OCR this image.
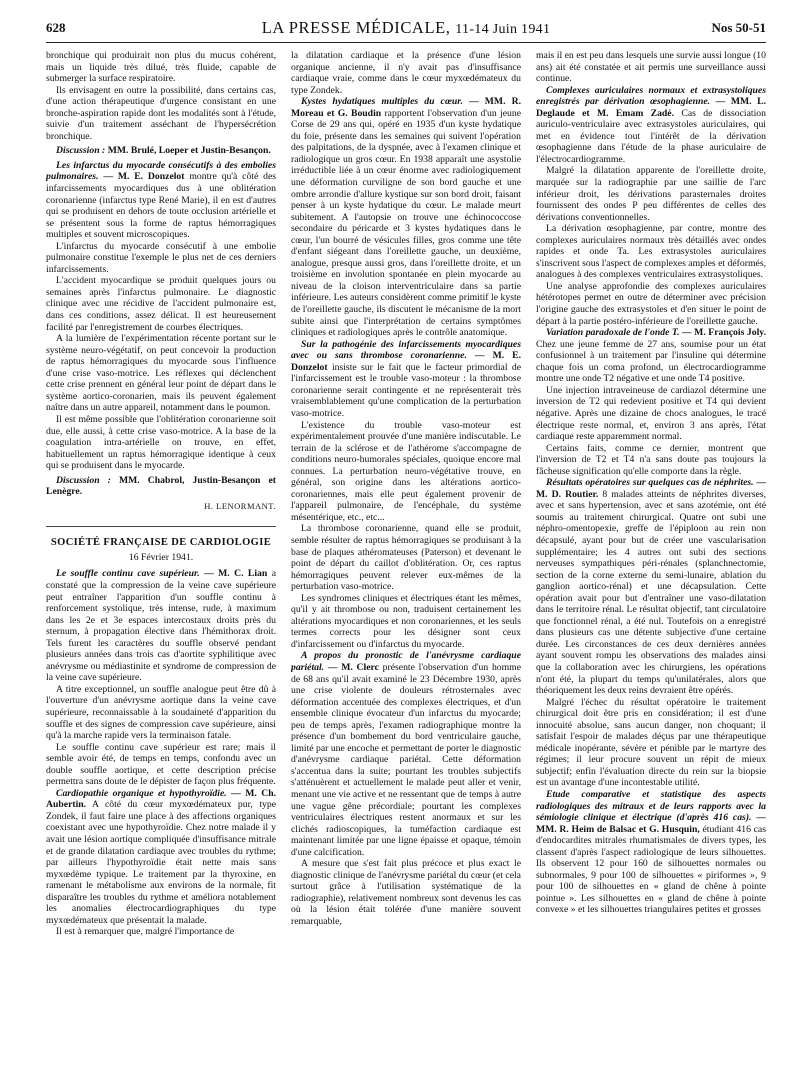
628	LA PRESSE MÉDICALE, 11-14 Juin 1941	Nos 50-51

bronchique qui produirait non plus du mucus cohérent, mais un liquide très dilué, très fluide, capable de submerger la surface respiratoire.

Ils envisagent en outre la possibilité, dans certains cas, d'une action thérapeutique d'urgence consistant en une bronche-aspiration rapide dont les modalités sont à l'étude, suivie d'un traitement asséchant de l'hypersécrétion bronchique.

Discussion : MM. Brulé, Loeper et Justin-Besançon.

Les infarctus du myocarde consécutifs à des embolies pulmonaires. — M. E. Donzelot montre qu'à côté des infarcissements myocardiques dus à une oblitération coronarienne (infarctus type René Marie), il en est d'autres qui se produisent en dehors de toute occlusion artérielle et se présentent sous la forme de raptus hémorragiques multiples et souvent microscopiques.

L'infarctus du myocarde consécutif à une embolie pulmonaire constitue l'exemple le plus net de ces derniers infarcissements.

L'accident myocardique se produit quelques jours ou semaines après l'infarctus pulmonaire. Le diagnostic clinique avec une récidive de l'accident pulmonaire est, dans ces conditions, assez délicat. Il est heureusement facilité par l'enregistrement de courbes électriques.

A la lumière de l'expérimentation récente portant sur le système neuro-végétatif, on peut concevoir la production de raptus hémorragiques du myocarde sous l'influence d'une crise vaso-motrice. Les réflexes qui déclenchent cette crise prennent en général leur point de départ dans le système aortico-coronarien, mais ils peuvent également naître dans un autre appareil, notamment dans le poumon.

Il est même possible que l'oblitération coronarienne soit due, elle aussi, à cette crise vaso-motrice. A la base de la coagulation intra-artérielle on trouve, en effet, habituellement un raptus hémorragique identique à ceux qui se produisent dans le myocarde.

Discussion : MM. Chabrol, Justin-Besançon et Lenègre.

H. LENORMANT.
SOCIÉTÉ FRANÇAISE DE CARDIOLOGIE
16 Février 1941.

Le souffle continu cave supérieur. — M. C. Lian a constaté que la compression de la veine cave supérieure peut entraîner l'apparition d'un souffle continu à renforcement systolique, très intense, rude, à maximum dans les 2e et 3e espaces intercostaux droits près du sternum, à propagation élective dans l'hémithorax droit. Tels furent les caractères du souffle observé pendant plusieurs années dans trois cas d'aortite syphilitique avec anévrysme ou médiastinite et syndrome de compression de la veine cave supérieure.

A titre exceptionnel, un souffle analogue peut être dû à l'ouverture d'un anévrysme aortique dans la veine cave supérieure, reconnaissable à la soudaineté d'apparition du souffle et des signes de compression cave supérieure, ainsi qu'à la marche rapide vers la terminaison fatale.

Le souffle continu cave supérieur est rare; mais il semble avoir été, de temps en temps, confondu avec un double souffle aortique, et cette description précise permettra sans doute de le dépister de façon plus fréquente.

Cardiopathie organique et hypothyroïdie. — M. Ch. Aubertin. A côté du cœur myxœdémateux pur, type Zondek, il faut faire une place à des affections organiques coexistant avec une hypothyroïdie. Chez notre malade il y avait une lésion aortique compliquée d'insuffisance mitrale et de grande dilatation cardiaque avec troubles du rythme; par ailleurs l'hypothyroïdie était nette mais sans myxœdème typique. Le traitement par la thyroxine, en ramenant le métabolisme aux environs de la normale, fit disparaître les troubles du rythme et améliora notablement les anomalies électrocardiographiques du type myxœdémateux que présentait la malade.

Il est à remarquer que, malgré l'importance de

la dilatation cardiaque et la présence d'une lésion organique ancienne, il n'y avait pas d'insuffisance cardiaque vraie, comme dans le cœur myxœdémateux du type Zondek.

Kystes hydatiques multiples du cœur. — MM. R. Moreau et G. Boudin rapportent l'observation d'un jeune Corse de 29 ans qui, opéré en 1935 d'un kyste hydatique du foie, présente dans les semaines qui suivent l'opération des palpitations, de la dyspnée, avec à l'examen clinique et radiologique un gros cœur. En 1938 apparaît une asystolie irréductible liée à un cœur énorme avec radiologiquement une déformation curviligne de son bord gauche et une ombre arrondie d'allure kystique sur son bord droit, faisant penser à un kyste hydatique du cœur. Le malade meurt subitement. A l'autopsie on trouve une échinococcose secondaire du péricarde et 3 kystes hydatiques dans le cœur, l'un bourré de vésicules filles, gros comme une tête d'enfant siégeant dans l'oreillette gauche, un deuxième, analogue, presque aussi gros, dans l'oreillette droite, et un troisième en involution spontanée en plein myocarde au niveau de la cloison interventriculaire dans sa partie inférieure. Les auteurs considèrent comme primitif le kyste de l'oreillette gauche, ils discutent le mécanisme de la mort subite ainsi que l'interprétation de certains symptômes cliniques et radiologiques après le contrôle anatomique.

Sur la pathogénie des infarcissements myocardiques avec ou sans thrombose coronarienne. — M. E. Donzelot insiste sur le fait que le facteur primordial de l'infarcissement est le trouble vaso-moteur : la thrombose coronarienne serait contingente et ne représenterait très vraisemblablement qu'une complication de la perturbation vaso-motrice.

L'existence du trouble vaso-moteur est expérimentalement prouvée d'une manière indiscutable. Le terrain de la sclérose et de l'athérome s'accompagne de conditions neuro-humorales spéciales, quoique encore mal connues. La perturbation neuro-végétative trouve, en général, son origine dans les altérations aortico-coronariennes, mais elle peut également provenir de l'appareil pulmonaire, de l'encéphale, du système mésentérique, etc., etc...

La thrombose coronarienne, quand elle se produit, semble résulter de raptus hémorragiques se produisant à la base de plaques athéromateuses (Paterson) et devenant le point de départ du caillot d'oblitération. Or, ces raptus hémorragiques peuvent relever eux-mêmes de la perturbation vaso-motrice.

Les syndromes cliniques et électriques étant les mêmes, qu'il y ait thrombose ou non, traduisent certainement les altérations myocardiques et non coronariennes, et les seuls termes corrects pour les désigner sont ceux d'infarcissement ou d'infarctus du myocarde.

A propos du pronostic de l'anévrysme cardiaque pariétal. — M. Clerc présente l'observation d'un homme de 68 ans qu'il avait examiné le 23 Décembre 1930, après une crise violente de douleurs rétrosternales avec déformation accentuée des complexes électriques, et d'un ensemble clinique évocateur d'un infarctus du myocarde; peu de temps après, l'examen radiographique montre la présence d'un bombement du bord ventriculaire gauche, limité par une encoche et permettant de porter le diagnostic d'anévrysme cardiaque pariétal. Cette déformation s'accentua dans la suite; pourtant les troubles subjectifs s'atténuèrent et actuellement le malade peut aller et venir, menant une vie active et ne ressentant que de temps à autre une vague gêne précordiale; pourtant les complexes ventriculaires électriques restent anormaux et sur les clichés radioscopiques, la tuméfaction cardiaque est maintenant limitée par une ligne épaisse et opaque, témoin d'une calcification.

A mesure que s'est fait plus précoce et plus exact le diagnostic clinique de l'anévrysme pariétal du cœur (et cela surtout grâce à l'utilisation systématique de la radiographie), relativement nombreux sont devenus les cas où la lésion était tolérée d'une manière souvent remarquable,

mais il en est peu dans lesquels une survie aussi longue (10 ans) ait été constatée et ait permis une surveillance aussi continue.

Complexes auriculaires normaux et extrasystoliques enregistrés par dérivation œsophagienne. — MM. L. Deglaude et M. Emam Zadé. Cas de dissociation auriculo-ventriculaire avec extrasystoles auriculaires, qui met en évidence tout l'intérêt de la dérivation œsophagienne dans l'étude de la phase auriculaire de l'électrocardiogramme.

Malgré la dilatation apparente de l'oreillette droite, marquée sur la radiographie par une saillie de l'arc inférieur droit, les dérivations parasternales droites fournissent des ondes P peu différentes de celles des dérivations conventionnelles.

La dérivation œsophagienne, par contre, montre des complexes auriculaires normaux très détaillés avec ondes rapides et onde Ta. Les extrasystoles auriculaires s'inscrivent sous l'aspect de complexes amples et déformés, analogues à des complexes ventriculaires extrasystoliques.

Une analyse approfondie des complexes auriculaires hétérotopes permet en outre de déterminer avec précision l'origine gauche des extrasystoles et d'en situer le point de départ à la partie postéro-inférieure de l'oreillette gauche.

Variation paradoxale de l'onde T. — M. François Joly. Chez une jeune femme de 27 ans, soumise pour un état confusionnel à un traitement par l'insuline qui détermine chaque fois un coma profond, un électrocardiogramme montre une onde T2 négative et une onde T4 positive.

Une injection intraveineuse de cardiazol détermine une inversion de T2 qui redevient positive et T4 qui devient négative. Après une dizaine de chocs analogues, le tracé électrique reste normal, et, environ 3 ans après, l'état cardiaque reste apparemment normal.

Certains faits, comme ce dernier, montrent que l'inversion de T2 et T4 n'a sans doute pas toujours la fâcheuse signification qu'elle comporte dans la règle.

Résultats opératoires sur quelques cas de néphrites. — M. D. Routier. 8 malades atteints de néphrites diverses, avec et sans hypertension, avec et sans azotémie, ont été soumis au traitement chirurgical. Quatre ont subi une néphro-omentopexie, greffe de l'épiploon au rein non décapsulé, ayant pour but de créer une vascularisation supplémentaire; les 4 autres ont subi des sections nerveuses sympathiques péri-rénales (splanchnectomie, section de la corne externe du semi-lunaire, ablation du ganglion aortico-rénal) et une décapsulation. Cette opération avait pour but d'entraîner une vaso-dilatation dans le territoire rénal. Le résultat objectif, tant circulatoire que fonctionnel rénal, a été nul. Toutefois on a enregistré dans plusieurs cas une détente subjective d'une certaine durée. Les circonstances de ces deux dernières années ayant souvent rompu les observations des malades ainsi que la collaboration avec les chirurgiens, les opérations n'ont été, la plupart du temps qu'unilatérales, alors que théoriquement les deux reins devraient être opérés.

Malgré l'échec du résultat opératoire le traitement chirurgical doit être pris en considération; il est d'une innocuité absolue, sans aucun danger, non choquant; il satisfait l'espoir de malades déçus par une thérapeutique médicale inopérante, sévère et pénible par le martyre des régimes; il leur procure souvent un répit de mieux subjectif; enfin l'évaluation directe du rein sur la biopsie est un avantage d'une incontestable utilité.

Etude comparative et statistique des aspects radiologiques des mitraux et de leurs rapports avec la sémiologie clinique et électrique (d'après 416 cas). — MM. R. Heim de Balsac et G. Husquin, étudiant 416 cas d'endocardites mitrales rhumatismales de divers types, les classent d'après l'aspect radiologique de leurs silhouettes. Ils observent 12 pour 160 de silhouettes normales ou subnormales, 9 pour 100 de silhouettes « piriformes », 9 pour 100 de silhouettes en « gland de chêne à pointe pointue ». Les silhouettes en « gland de chêne à pointe convexe » et les silhouettes triangulaires petites et grosses
